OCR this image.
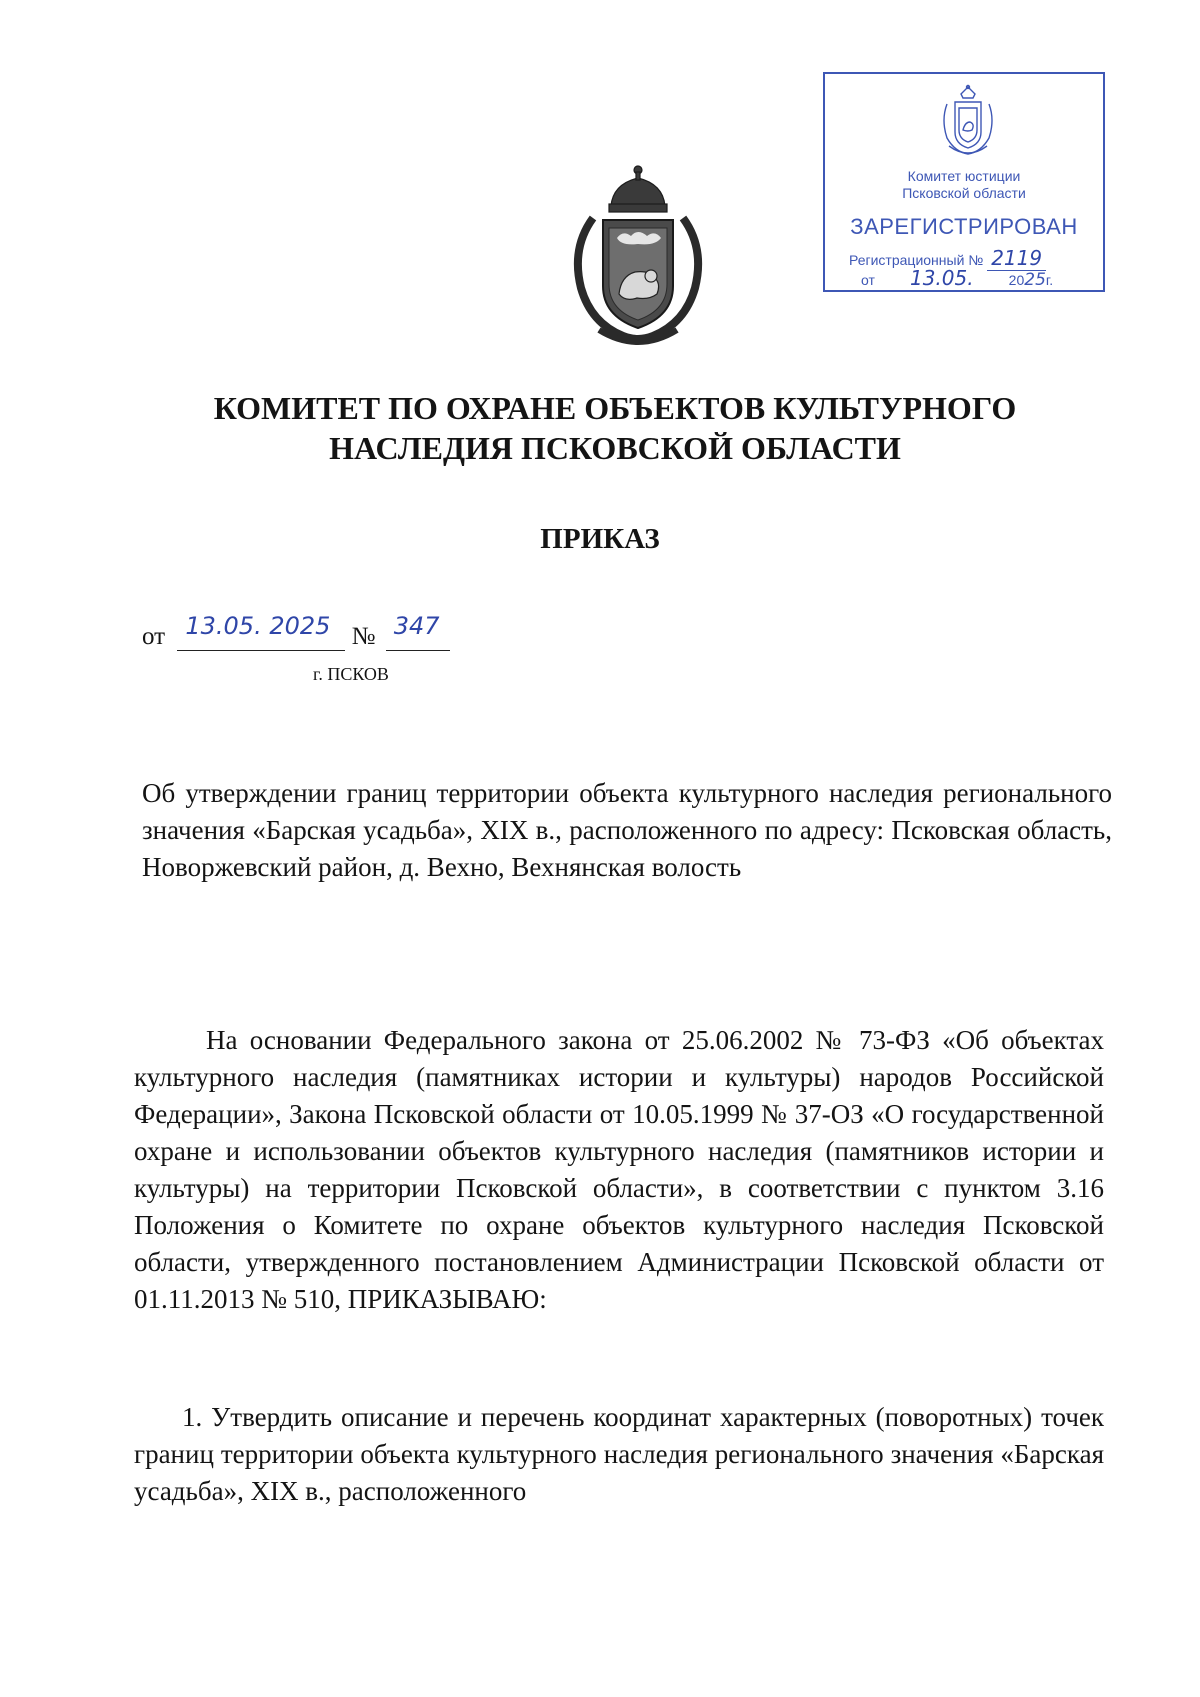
Комитет юстиции
Псковской области
ЗАРЕГИСТРИРОВАН
Регистрационный № 2119
от 13.05.	2025г.
КОМИТЕТ ПО ОХРАНЕ ОБЪЕКТОВ КУЛЬТУРНОГО
НАСЛЕДИЯ ПСКОВСКОЙ ОБЛАСТИ
ПРИКАЗ
от 13.05. 2025 № 347
г. ПСКОВ

Об утверждении границ территории объекта культурного наследия регионального значения «Барская усадьба», XIX в., расположенного по адресу: Псковская область, Новоржевский район, д. Вехно, Вехнянская волость

На основании Федерального закона от 25.06.2002 № 73-ФЗ «Об объектах культурного наследия (памятниках истории и культуры) народов Российской Федерации», Закона Псковской области от 10.05.1999 № 37-ОЗ «О государственной охране и использовании объектов культурного наследия (памятников истории и культуры) на территории Псковской области», в соответствии с пунктом 3.16 Положения о Комитете по охране объектов культурного наследия Псковской области, утвержденного постановлением Администрации Псковской области от 01.11.2013 № 510, ПРИКАЗЫВАЮ:

1. Утвердить описание и перечень координат характерных (поворотных) точек границ территории объекта культурного наследия регионального значения «Барская усадьба», XIX в., расположенного
